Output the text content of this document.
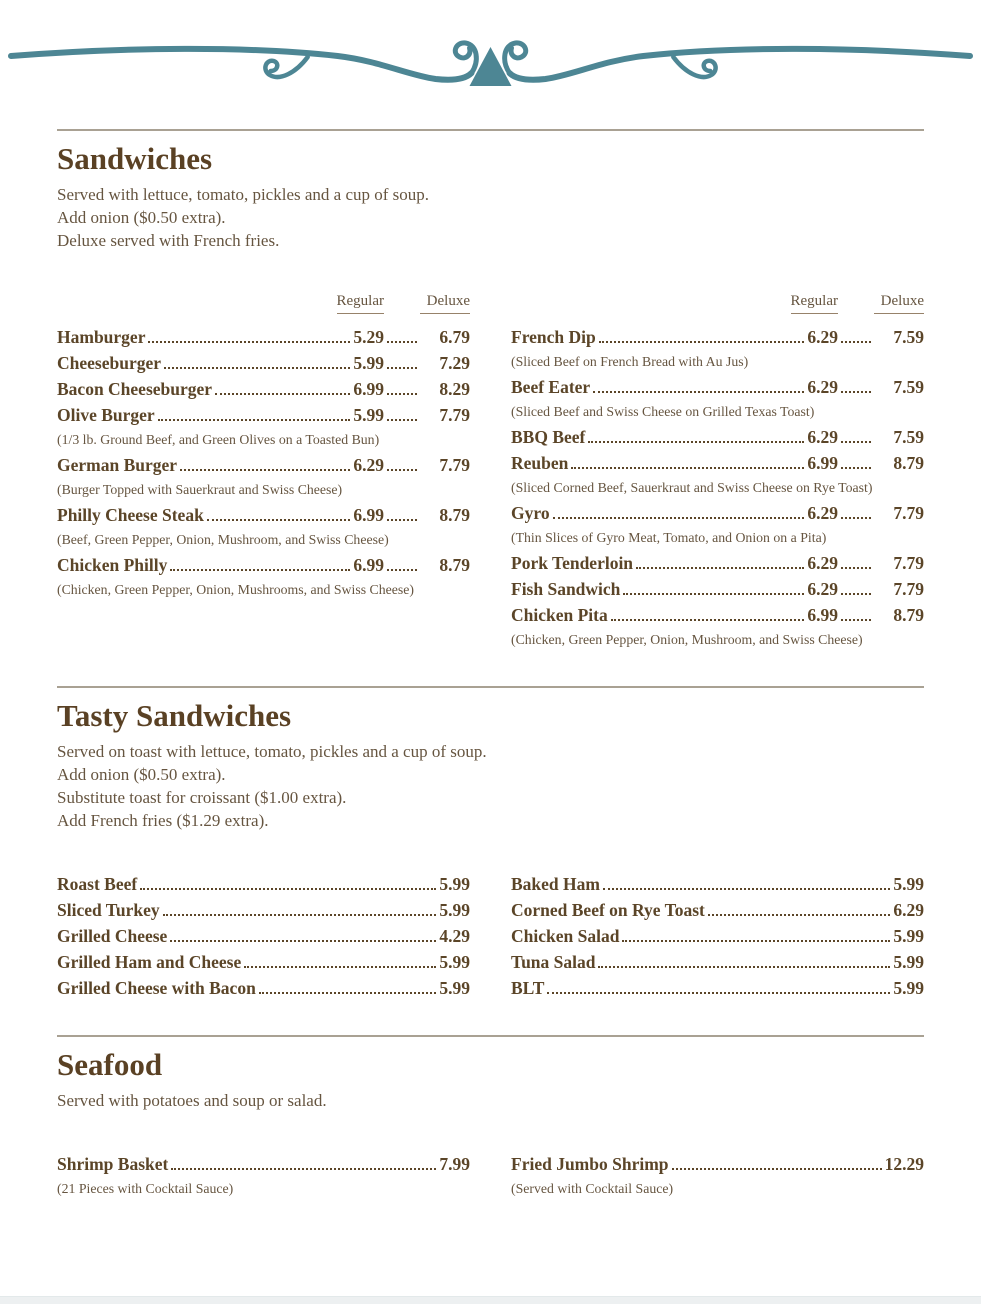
Sandwiches

Served with lettuce, tomato, pickles and a cup of soup.

Add onion ($0.50 extra).

Deluxe served with French fries.

Regular	Deluxe
Hamburger	5.29	6.79
Cheeseburger	5.99	7.29
Bacon Cheeseburger	6.99	8.29
Olive Burger	5.99	7.79
(1/3 lb. Ground Beef, and Green Olives on a Toasted Bun)
German Burger	6.29	7.79
(Burger Topped with Sauerkraut and Swiss Cheese)
Philly Cheese Steak	6.99	8.79
(Beef, Green Pepper, Onion, Mushroom, and Swiss Cheese)
Chicken Philly	6.99	8.79
(Chicken, Green Pepper, Onion, Mushrooms, and Swiss Cheese)
Regular	Deluxe
French Dip	6.29	7.59
(Sliced Beef on French Bread with Au Jus)
Beef Eater	6.29	7.59
(Sliced Beef and Swiss Cheese on Grilled Texas Toast)
BBQ Beef	6.29	7.59
Reuben	6.99	8.79
(Sliced Corned Beef, Sauerkraut and Swiss Cheese on Rye Toast)
Gyro	6.29	7.79
(Thin Slices of Gyro Meat, Tomato, and Onion on a Pita)
Pork Tenderloin	6.29	7.79
Fish Sandwich	6.29	7.79
Chicken Pita	6.99	8.79
(Chicken, Green Pepper, Onion, Mushroom, and Swiss Cheese)
Tasty Sandwiches

Served on toast with lettuce, tomato, pickles and a cup of soup.

Add onion ($0.50 extra).

Substitute toast for croissant ($1.00 extra).

Add French fries ($1.29 extra).

Roast Beef	5.99
Sliced Turkey	5.99
Grilled Cheese	4.29
Grilled Ham and Cheese	5.99
Grilled Cheese with Bacon	5.99
Baked Ham	5.99
Corned Beef on Rye Toast	6.29
Chicken Salad	5.99
Tuna Salad	5.99
BLT	5.99
Seafood

Served with potatoes and soup or salad.

Shrimp Basket	7.99
(21 Pieces with Cocktail Sauce)
Fried Jumbo Shrimp	12.29
(Served with Cocktail Sauce)
